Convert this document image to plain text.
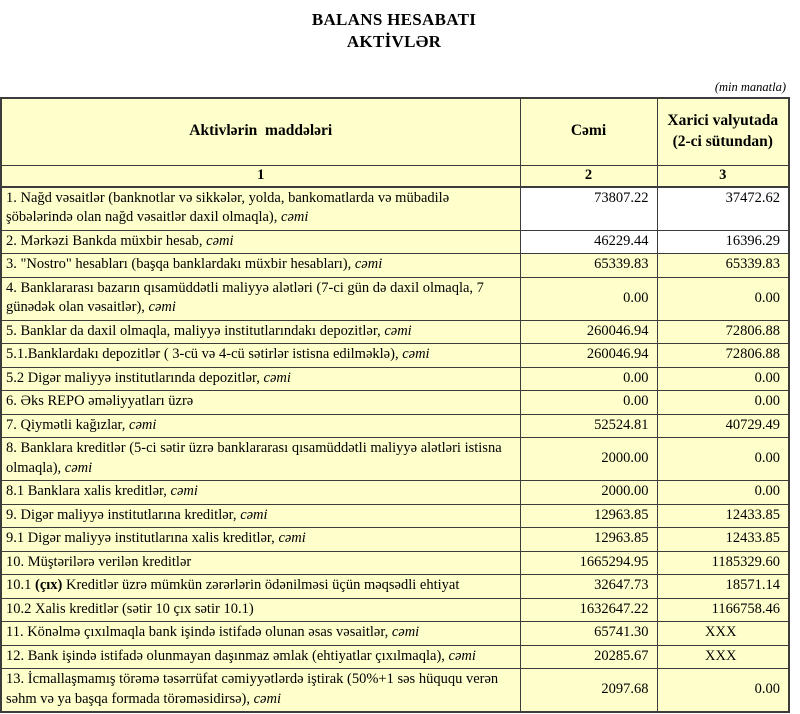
BALANS HESABATI
AKTİVLƏR
(min manatla)
Aktivlərin  maddələri	Cəmi	Xarici valyutada (2-ci sütundan)
1	2	3
1. Nağd vəsaitlər (banknotlar və sikkələr, yolda, bankomatlarda və mübadilə şöbələrində olan nağd vəsaitlər daxil olmaqla), cəmi	73807.22	37472.62
2. Mərkəzi Bankda müxbir hesab, cəmi	46229.44	16396.29
3. "Nostro" hesabları (başqa banklardakı müxbir hesabları), cəmi	65339.83	65339.83
4. Banklararası bazarın qısamüddətli maliyyə alətləri (7-ci gün də daxil olmaqla, 7 günədək olan vəsaitlər), cəmi	0.00	0.00
5. Banklar da daxil olmaqla, maliyyə institutlarındakı depozitlər, cəmi	260046.94	72806.88
5.1.Banklardakı depozitlər ( 3-cü və 4-cü sətirlər istisna edilməklə), cəmi	260046.94	72806.88
5.2 Digər maliyyə institutlarında depozitlər, cəmi	0.00	0.00
6. Əks REPO əməliyyatları üzrə	0.00	0.00
7. Qiymətli kağızlar, cəmi	52524.81	40729.49
8. Banklara kreditlər (5-ci sətir üzrə banklararası qısamüddətli maliyyə alətləri istisna olmaqla), cəmi	2000.00	0.00
8.1 Banklara xalis kreditlər, cəmi	2000.00	0.00
9. Digər maliyyə institutlarına kreditlər, cəmi	12963.85	12433.85
9.1 Digər maliyyə institutlarına xalis kreditlər, cəmi	12963.85	12433.85
10. Müştərilərə verilən kreditlər	1665294.95	1185329.60
10.1 (çıx) Kreditlər üzrə mümkün zərərlərin ödənilməsi üçün məqsədli ehtiyat	32647.73	18571.14
10.2 Xalis kreditlər (sətir 10 çıx sətir 10.1)	1632647.22	1166758.46
11. Könəlmə çıxılmaqla bank işində istifadə olunan əsas vəsaitlər, cəmi	65741.30	XXX
12. Bank işində istifadə olunmayan daşınmaz əmlak (ehtiyatlar çıxılmaqla), cəmi	20285.67	XXX
13. İcmallaşmamış törəmə təsərrüfat cəmiyyətlərdə iştirak (50%+1 səs hüququ verən səhm və ya başqa formada törəməsidirsə), cəmi	2097.68	0.00
